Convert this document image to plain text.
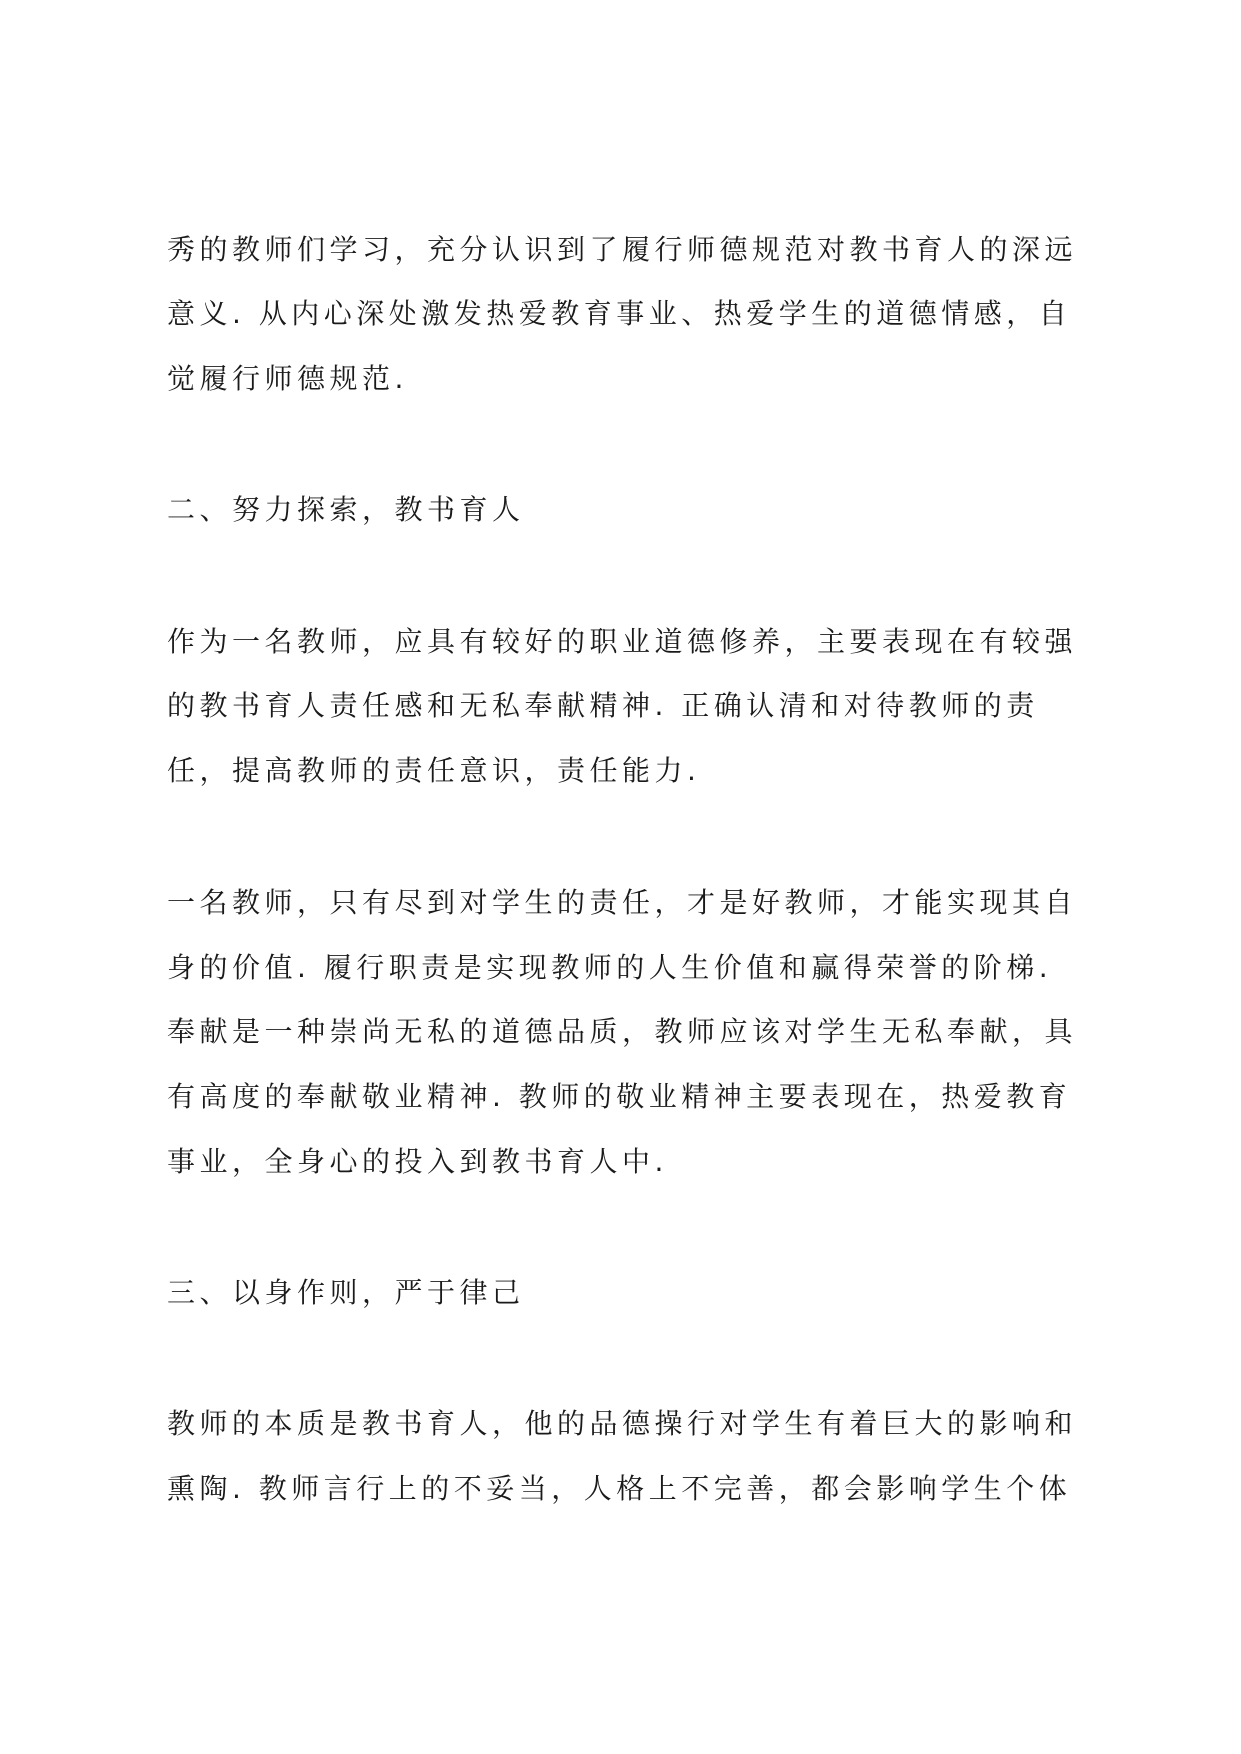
秀的教师们学习，充分认识到了履行师德规范对教书育人的深远
意义. 从内心深处激发热爱教育事业、热爱学生的道德情感，自
觉履行师德规范.
二、努力探索，教书育人
作为一名教师，应具有较好的职业道德修养，主要表现在有较强
的教书育人责任感和无私奉献精神. 正确认清和对待教师的责
任，提高教师的责任意识，责任能力.
一名教师，只有尽到对学生的责任，才是好教师，才能实现其自
身的价值. 履行职责是实现教师的人生价值和赢得荣誉的阶梯.
奉献是一种崇尚无私的道德品质，教师应该对学生无私奉献，具
有高度的奉献敬业精神. 教师的敬业精神主要表现在，热爱教育
事业，全身心的投入到教书育人中.
三、以身作则，严于律己
教师的本质是教书育人，他的品德操行对学生有着巨大的影响和
熏陶. 教师言行上的不妥当，人格上不完善，都会影响学生个体
